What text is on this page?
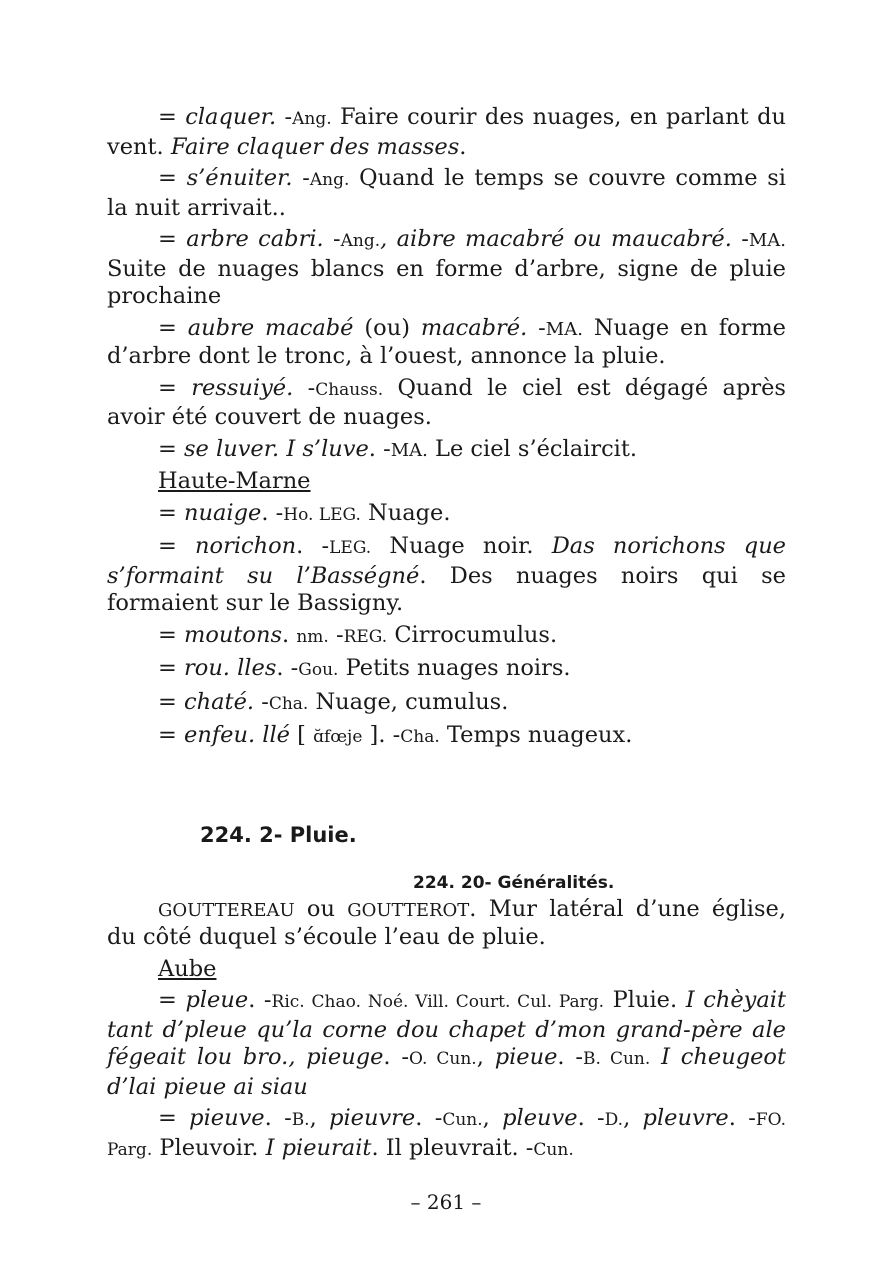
= claquer. -Ang. Faire courir des nuages, en parlant du vent. Faire claquer des masses.

= s’énuiter. -Ang. Quand le temps se couvre comme si la nuit arrivait..

= arbre cabri. -Ang., aibre macabré ou maucabré. -MA. Suite de nuages blancs en forme d’arbre, signe de pluie prochaine

= aubre macabé (ou) macabré. -MA. Nuage en forme d’arbre dont le tronc, à l’ouest, annonce la pluie.

= ressuiyé. -Chauss. Quand le ciel est dégagé après avoir été couvert de nuages.

= se luver. I s’luve. -MA. Le ciel s’éclaircit.

Haute-Marne

= nuaige. -Ho. LEG. Nuage.

= norichon. -LEG. Nuage noir. Das norichons que s’formaint su l’Basségné. Des nuages noirs qui se formaient sur le Bassigny.

= moutons. nm. -REG. Cirrocumulus.

= rou. lles. -Gou. Petits nuages noirs.

= chaté. -Cha. Nuage, cumulus.

= enfeu. llé [ ɑ̆fœje ]. -Cha. Temps nuageux.

224. 2- Pluie.
224. 20- Généralités.

GOUTTEREAU ou GOUTTEROT. Mur latéral d’une église, du côté duquel s’écoule l’eau de pluie.

Aube

= pleue. -Ric. Chao. Noé. Vill. Court. Cul. Parg. Pluie. I chèyait tant d’pleue qu’la corne dou chapet d’mon grand-père ale fégeait lou bro., pieuge. -O. Cun., pieue. -B. Cun. I cheugeot d’lai pieue ai siau

= pieuve. -B., pieuvre. -Cun., pleuve. -D., pleuvre. -FO. Parg. Pleuvoir. I pieurait. Il pleuvrait. -Cun.

– 261 –
